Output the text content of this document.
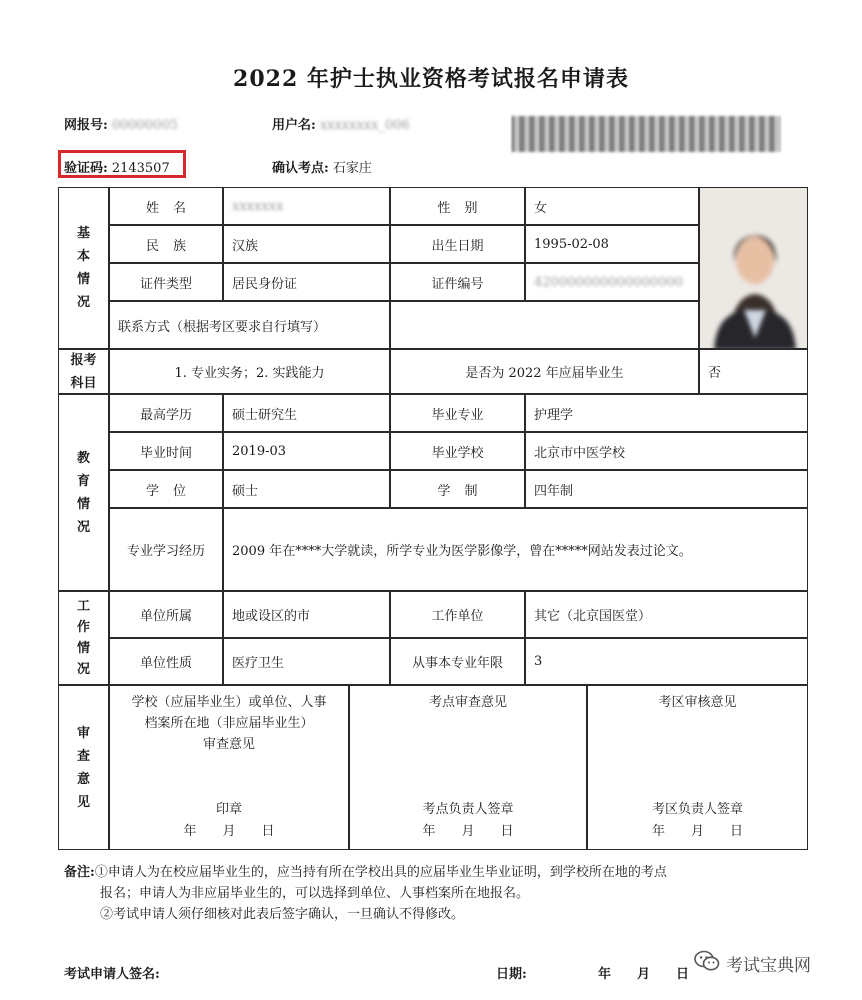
2022 年护士执业资格考试报名申请表
网报号: 00000005	用户名: xxxxxxxx_006
验证码: 2143507	确认考点: 石家庄
基本情况
姓名	xxxxxxx	性别	女
民族	汉族	出生日期	1995-02-08
证件类型	居民身份证	证件编号	420000000000000000
联系方式（根据考区要求自行填写）
报考科目
1. 专业实务；2. 实践能力	是否为 2022 年应届毕业生	否
教育情况
最高学历	硕士研究生	毕业专业	护理学
毕业时间	2019-03	毕业学校	北京市中医学校
学位	硕士	学制	四年制
专业学习经历	2009 年在****大学就读，所学专业为医学影像学，曾在*****网站发表过论文。
工作情况
单位所属	地或设区的市	工作单位	其它（北京国医堂）
单位性质	医疗卫生	从事本专业年限	3
审查意见
学校（应届毕业生）或单位、人事
档案所在地（非应届毕业生）
审查意见
印章
年　　月　　日
考点审查意见
考点负责人签章
年　　月　　日
考区审核意见
考区负责人签章
年　　月　　日
备注:①申请人为在校应届毕业生的，应当持有所在学校出具的应届毕业生毕业证明，到学校所在地的考点
报名；申请人为非应届毕业生的，可以选择到单位、人事档案所在地报名。
②考试申请人须仔细核对此表后签字确认，一旦确认不得修改。
考试申请人签名:	日期:	年　　月　　日	考试宝典网
